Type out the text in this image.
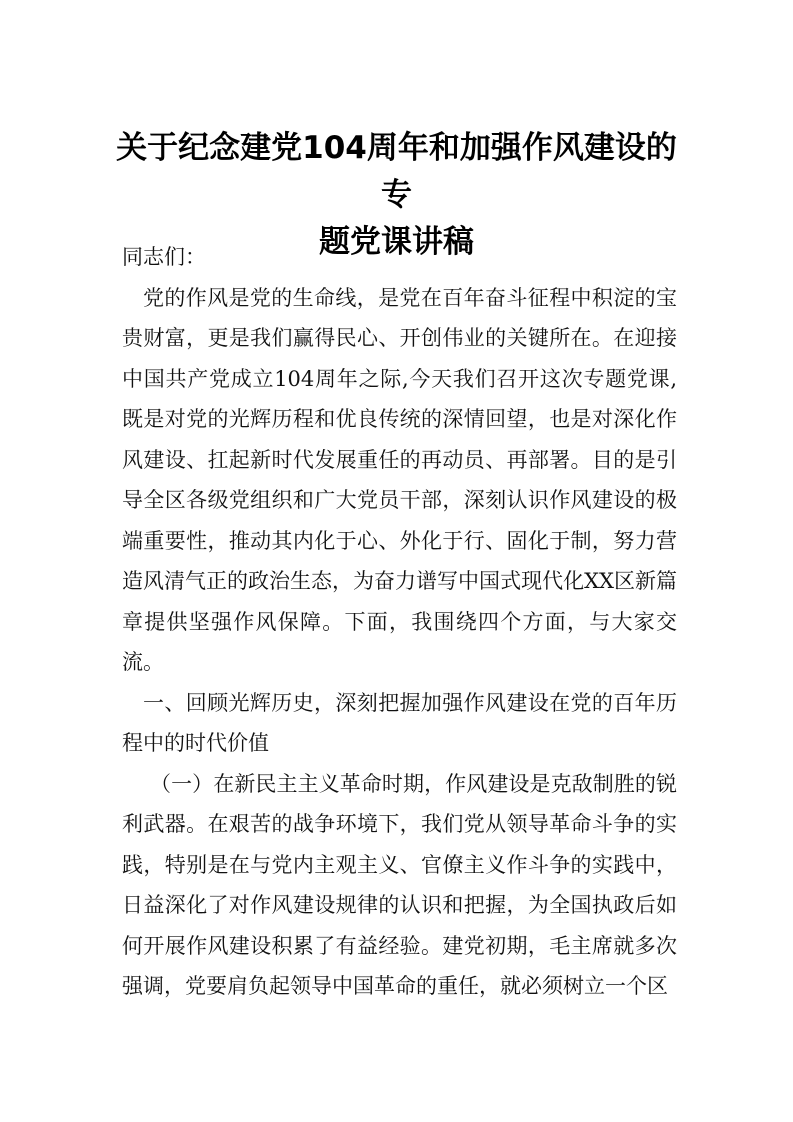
关于纪念建党104周年和加强作风建设的专
题党课讲稿

同志们：

党的作风是党的生命线，是党在百年奋斗征程中积淀的宝贵财富，更是我们赢得民心、开创伟业的关键所在。在迎接中国共产党成立104周年之际,今天我们召开这次专题党课,既是对党的光辉历程和优良传统的深情回望，也是对深化作风建设、扛起新时代发展重任的再动员、再部署。目的是引导全区各级党组织和广大党员干部，深刻认识作风建设的极端重要性，推动其内化于心、外化于行、固化于制，努力营造风清气正的政治生态，为奋力谱写中国式现代化XX区新篇章提供坚强作风保障。下面，我围绕四个方面，与大家交流。

一、回顾光辉历史，深刻把握加强作风建设在党的百年历程中的时代价值

（一）在新民主主义革命时期，作风建设是克敌制胜的锐利武器。在艰苦的战争环境下，我们党从领导革命斗争的实践，特别是在与党内主观主义、官僚主义作斗争的实践中，日益深化了对作风建设规律的认识和把握，为全国执政后如何开展作风建设积累了有益经验。建党初期，毛主席就多次强调，党要肩负起领导中国革命的重任，就必须树立一个区
